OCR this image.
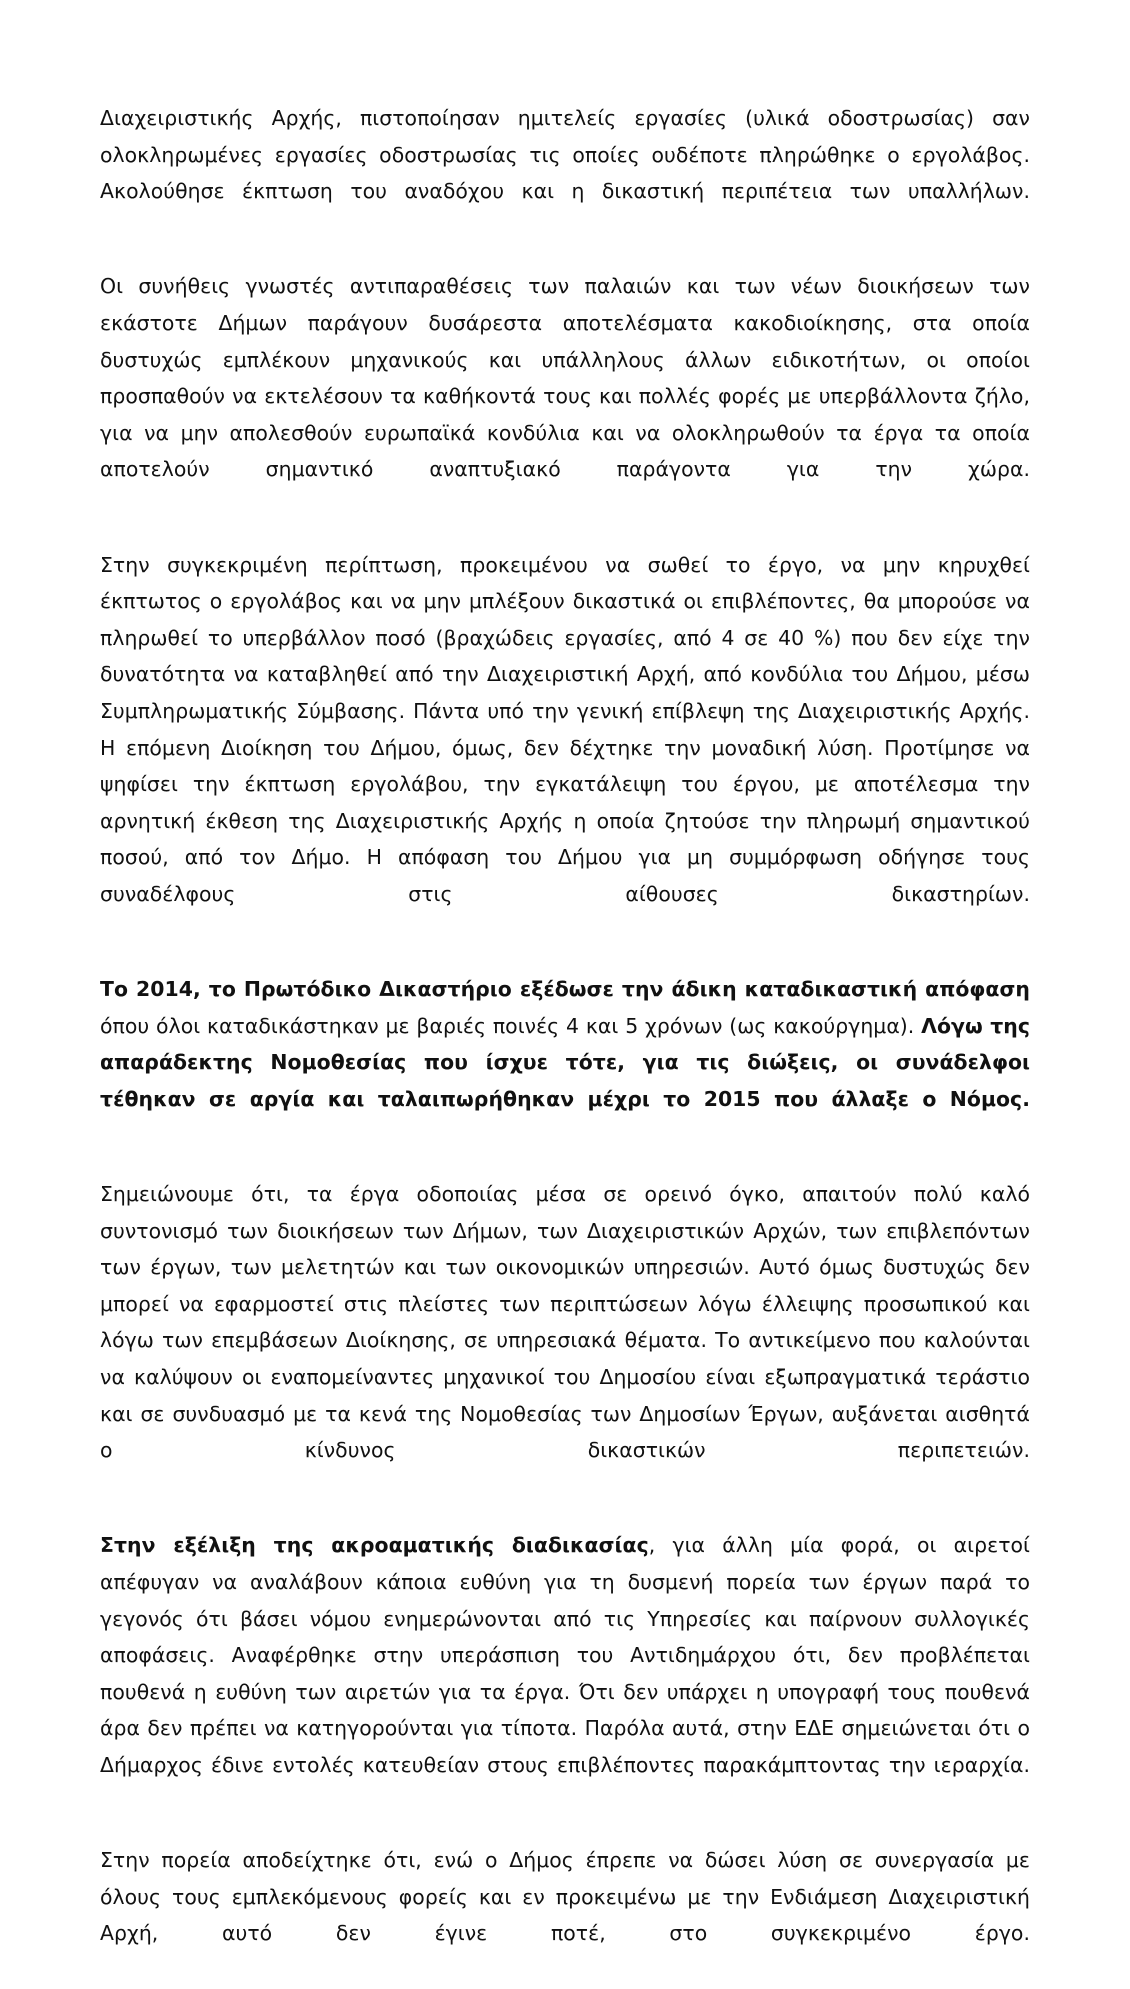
Διαχειριστικής Αρχής, πιστοποίησαν ημιτελείς εργασίες (υλικά οδοστρωσίας) σαν ολοκληρωμένες εργασίες οδοστρωσίας τις οποίες ουδέποτε πληρώθηκε ο εργολάβος. Ακολούθησε έκπτωση του αναδόχου και η δικαστική περιπέτεια των υπαλλήλων.

Οι συνήθεις γνωστές αντιπαραθέσεις των παλαιών και των νέων διοικήσεων των εκάστοτε Δήμων παράγουν δυσάρεστα αποτελέσματα κακοδιοίκησης, στα οποία δυστυχώς εμπλέκουν μηχανικούς και υπάλληλους άλλων ειδικοτήτων, οι οποίοι προσπαθούν να εκτελέσουν τα καθήκοντά τους και πολλές φορές με υπερβάλλοντα ζήλο, για να μην απολεσθούν ευρωπαϊκά κονδύλια και να ολοκληρωθούν τα έργα τα οποία αποτελούν σημαντικό αναπτυξιακό παράγοντα για την χώρα.

Στην συγκεκριμένη περίπτωση, προκειμένου να σωθεί το έργο, να μην κηρυχθεί έκπτωτος ο εργολάβος και να μην μπλέξουν δικαστικά οι επιβλέποντες, θα μπορούσε να πληρωθεί το υπερβάλλον ποσό (βραχώδεις εργασίες, από 4 σε 40 %) που δεν είχε την δυνατότητα να καταβληθεί από την Διαχειριστική Αρχή, από κονδύλια του Δήμου, μέσω Συμπληρωματικής Σύμβασης. Πάντα υπό την γενική επίβλεψη της Διαχειριστικής Αρχής. Η επόμενη Διοίκηση του Δήμου, όμως, δεν δέχτηκε την μοναδική λύση. Προτίμησε να ψηφίσει την έκπτωση εργολάβου, την εγκατάλειψη του έργου, με αποτέλεσμα την αρνητική έκθεση της Διαχειριστικής Αρχής η οποία ζητούσε την πληρωμή σημαντικού ποσού, από τον Δήμο. Η απόφαση του Δήμου για μη συμμόρφωση οδήγησε τους συναδέλφους στις αίθουσες δικαστηρίων.

Το 2014, το Πρωτόδικο Δικαστήριο εξέδωσε την άδικη καταδικαστική απόφαση όπου όλοι καταδικάστηκαν με βαριές ποινές 4 και 5 χρόνων (ως κακούργημα). Λόγω της απαράδεκτης Νομοθεσίας που ίσχυε τότε, για τις διώξεις, οι συνάδελφοι τέθηκαν σε αργία και ταλαιπωρήθηκαν μέχρι το 2015 που άλλαξε ο Νόμος.

Σημειώνουμε ότι, τα έργα οδοποιίας μέσα σε ορεινό όγκο, απαιτούν πολύ καλό συντονισμό των διοικήσεων των Δήμων, των Διαχειριστικών Αρχών, των επιβλεπόντων των έργων, των μελετητών και των οικονομικών υπηρεσιών. Αυτό όμως δυστυχώς δεν μπορεί να εφαρμοστεί στις πλείστες των περιπτώσεων λόγω έλλειψης προσωπικού και λόγω των επεμβάσεων Διοίκησης, σε υπηρεσιακά θέματα. Το αντικείμενο που καλούνται να καλύψουν οι εναπομείναντες μηχανικοί του Δημοσίου είναι εξωπραγματικά τεράστιο και σε συνδυασμό με τα κενά της Νομοθεσίας των Δημοσίων Έργων, αυξάνεται αισθητά ο κίνδυνος δικαστικών περιπετειών.

Στην εξέλιξη της ακροαματικής διαδικασίας, για άλλη μία φορά, οι αιρετοί απέφυγαν να αναλάβουν κάποια ευθύνη για τη δυσμενή πορεία των έργων παρά το γεγονός ότι βάσει νόμου ενημερώνονται από τις Υπηρεσίες και παίρνουν συλλογικές αποφάσεις. Αναφέρθηκε στην υπεράσπιση του Αντιδημάρχου ότι, δεν προβλέπεται πουθενά η ευθύνη των αιρετών για τα έργα. Ότι δεν υπάρχει η υπογραφή τους πουθενά άρα δεν πρέπει να κατηγορούνται για τίποτα. Παρόλα αυτά, στην ΕΔΕ σημειώνεται ότι ο Δήμαρχος έδινε εντολές κατευθείαν στους επιβλέποντες παρακάμπτοντας την ιεραρχία.

Στην πορεία αποδείχτηκε ότι, ενώ ο Δήμος έπρεπε να δώσει λύση σε συνεργασία με όλους τους εμπλεκόμενους φορείς και εν προκειμένω με την Ενδιάμεση Διαχειριστική Αρχή, αυτό δεν έγινε ποτέ, στο συγκεκριμένο έργο.
